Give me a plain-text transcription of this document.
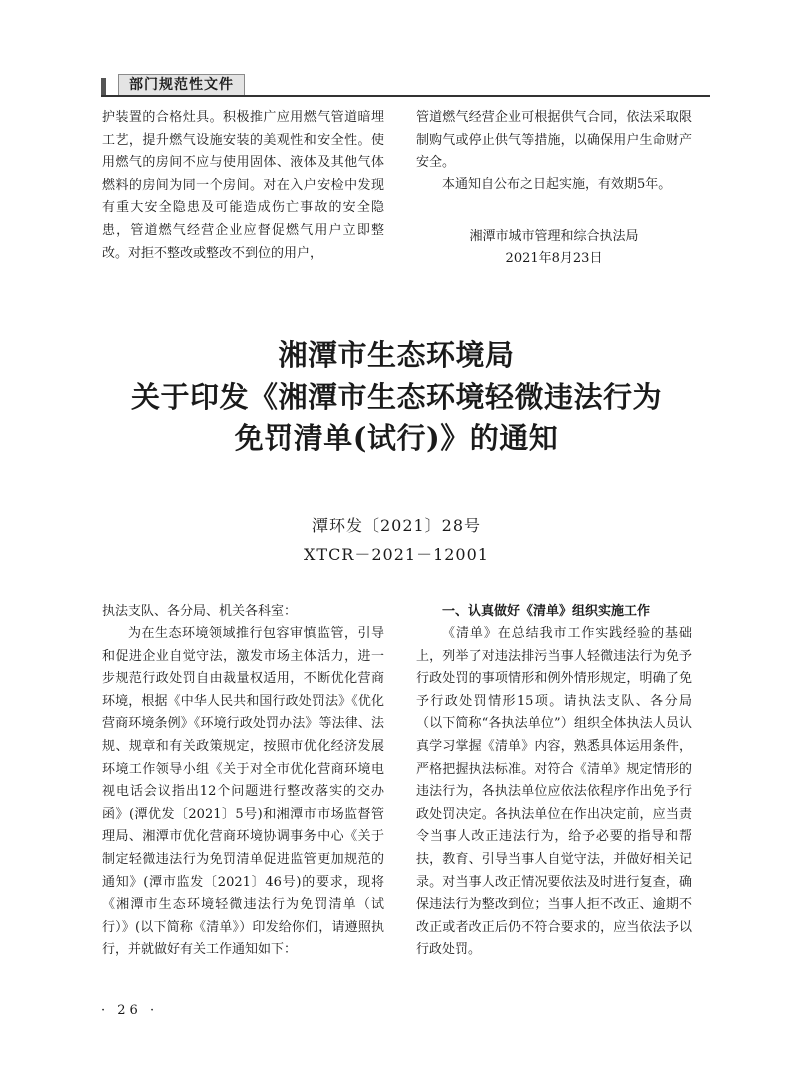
部门规范性文件

护装置的合格灶具。积极推广应用燃气管道暗埋工艺，提升燃气设施安装的美观性和安全性。使用燃气的房间不应与使用固体、液体及其他气体燃料的房间为同一个房间。对在入户安检中发现有重大安全隐患及可能造成伤亡事故的安全隐患，管道燃气经营企业应督促燃气用户立即整改。对拒不整改或整改不到位的用户，

管道燃气经营企业可根据供气合同，依法采取限制购气或停止供气等措施，以确保用户生命财产安全。

本通知自公布之日起实施，有效期5年。

湘潭市城市管理和综合执法局

2021年8月23日

湘潭市生态环境局
关于印发《湘潭市生态环境轻微违法行为
免罚清单(试行)》的通知
潭环发〔2021〕28号
XTCR－2021－12001

执法支队、各分局、机关各科室：

为在生态环境领域推行包容审慎监管，引导和促进企业自觉守法，激发市场主体活力，进一步规范行政处罚自由裁量权适用，不断优化营商环境，根据《中华人民共和国行政处罚法》《优化营商环境条例》《环境行政处罚办法》等法律、法规、规章和有关政策规定，按照市优化经济发展环境工作领导小组《关于对全市优化营商环境电视电话会议指出12个问题进行整改落实的交办函》(潭优发〔2021〕5号)和湘潭市市场监督管理局、湘潭市优化营商环境协调事务中心《关于制定轻微违法行为免罚清单促进监管更加规范的通知》(潭市监发〔2021〕46号)的要求，现将《湘潭市生态环境轻微违法行为免罚清单（试行）》(以下简称《清单》）印发给你们，请遵照执行，并就做好有关工作通知如下：

一、认真做好《清单》组织实施工作

《清单》在总结我市工作实践经验的基础上，列举了对违法排污当事人轻微违法行为免予行政处罚的事项情形和例外情形规定，明确了免予行政处罚情形15项。请执法支队、各分局（以下简称“各执法单位”）组织全体执法人员认真学习掌握《清单》内容，熟悉具体运用条件，严格把握执法标准。对符合《清单》规定情形的违法行为，各执法单位应依法依程序作出免予行政处罚决定。各执法单位在作出决定前，应当责令当事人改正违法行为，给予必要的指导和帮扶，教育、引导当事人自觉守法，并做好相关记录。对当事人改正情况要依法及时进行复查，确保违法行为整改到位；当事人拒不改正、逾期不改正或者改正后仍不符合要求的，应当依法予以行政处罚。

· 26 ·
